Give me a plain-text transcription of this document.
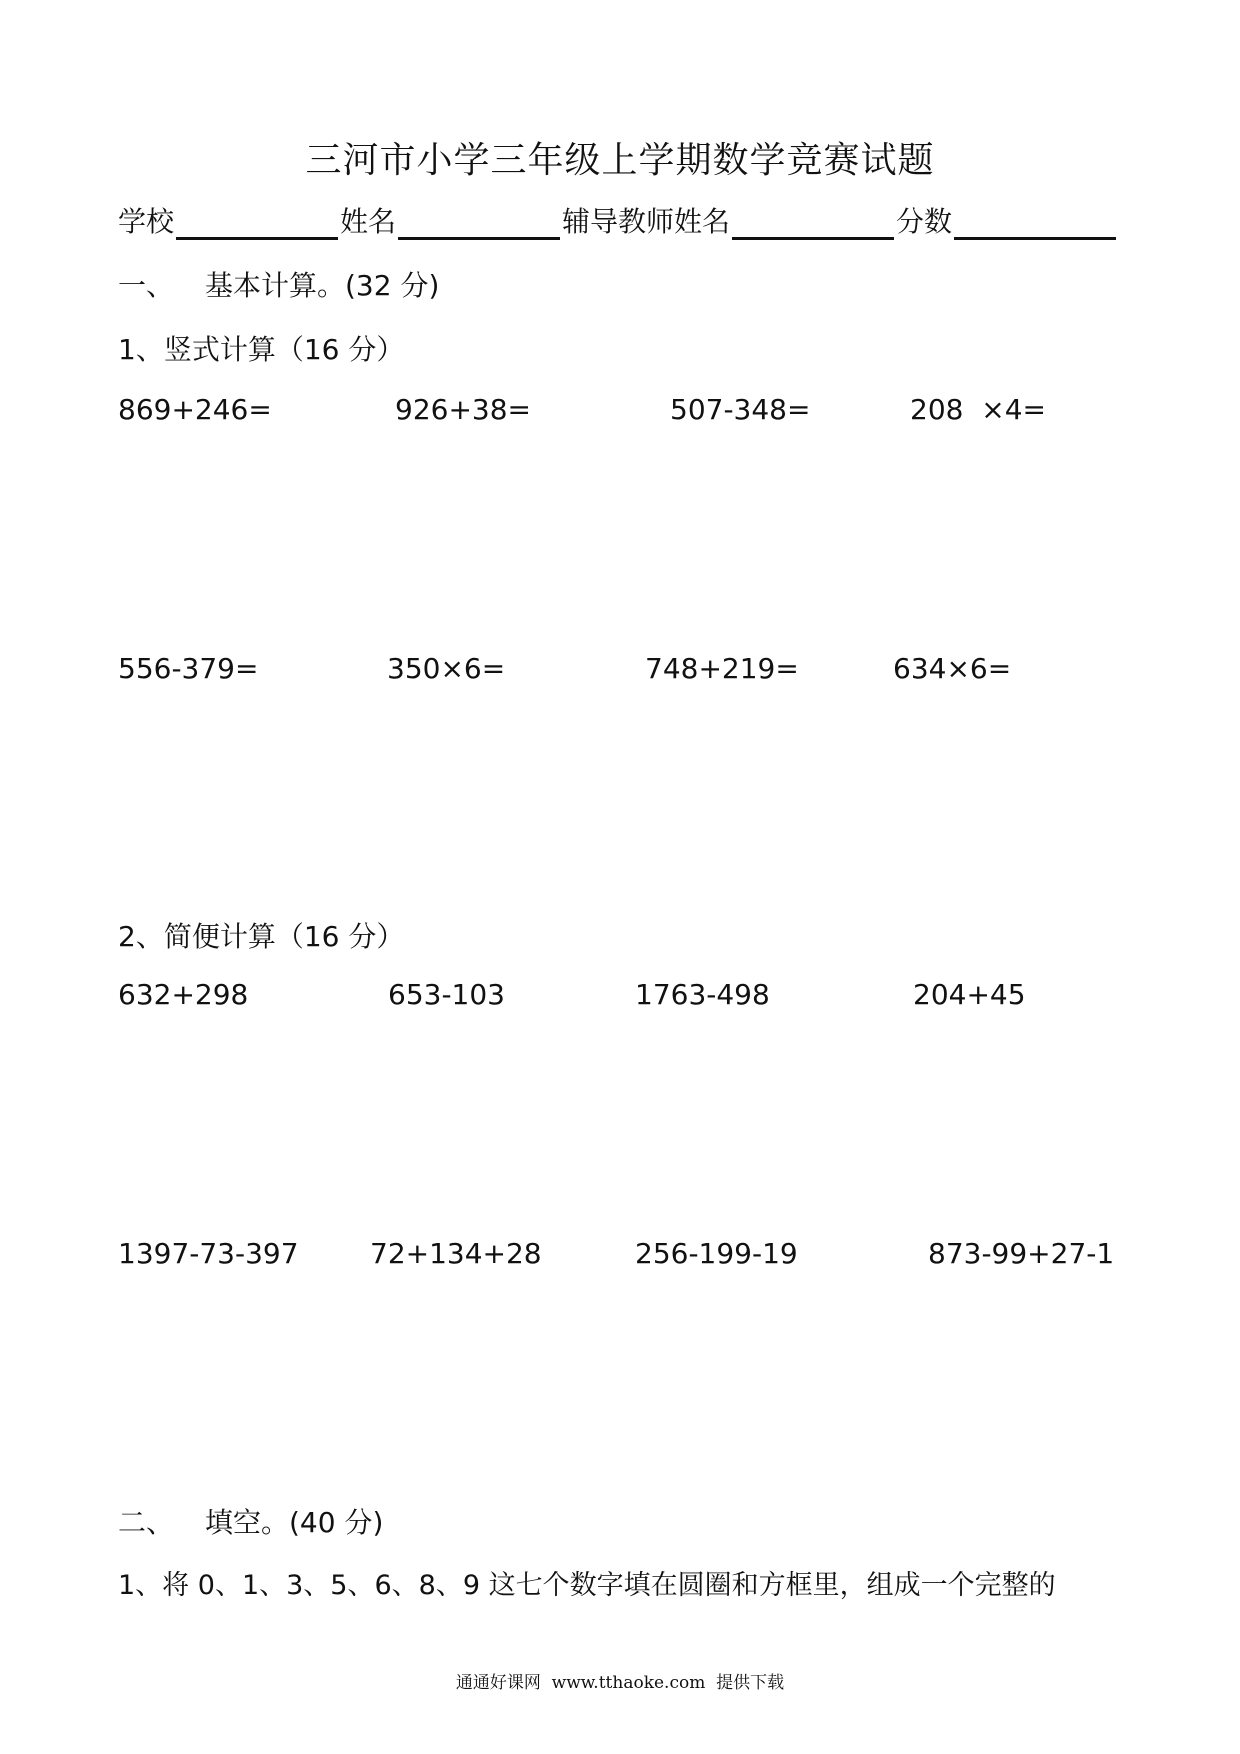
三河市小学三年级上学期数学竞赛试题
学校	姓名	辅导教师姓名	分数
一、 基本计算。(32 分)
1、竖式计算（16 分）
869+246=	926+38=	507-348=	208  ×4=
556-379=	350×6=	748+219=	634×6=
2、简便计算（16 分）
632+298	653-103	1763-498	204+45
1397-73-397	72+134+28	256-199-19	873-99+27-1
二、 填空。(40 分)
1、将 0、1、3、5、6、8、9 这七个数字填在圆圈和方框里，组成一个完整的
通通好课网  www.tthaoke.com  提供下载
